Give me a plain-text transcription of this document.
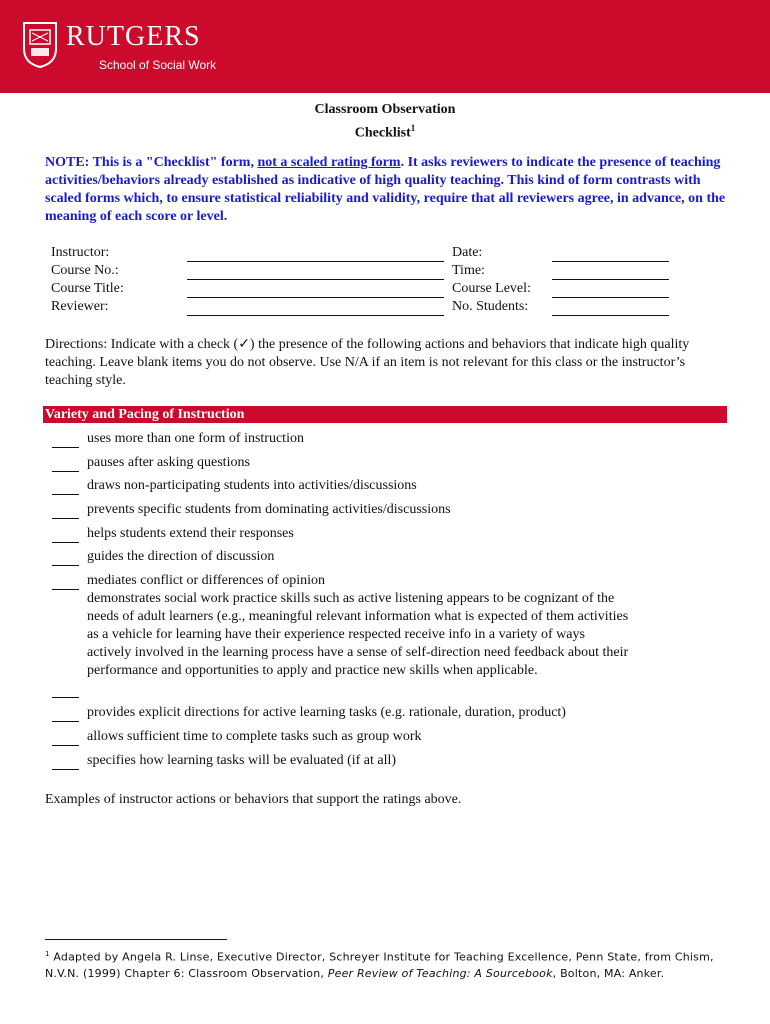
RUTGERS
School of Social Work
Classroom Observation
Checklist$^1$
NOTE: This is a "Checklist" form, not a scaled rating form. It asks reviewers to indicate the presence of teaching activities/behaviors already established as indicative of high quality teaching. This kind of form contrasts with scaled forms which, to ensure statistical reliability and validity, require that all reviewers agree, in advance, on the meaning of each score or level.
Instructor:
Course No.:
Course Title:
Reviewer:
Date:
Time:
Course Level:
No. Students:
Directions: Indicate with a check (✓) the presence of the following actions and behaviors that indicate high quality teaching. Leave blank items you do not observe. Use N/A if an item is not relevant for this class or the instructor’s teaching style.
Variety and Pacing of Instruction
uses more than one form of instruction
pauses after asking questions
draws non-participating students into activities/discussions
prevents specific students from dominating activities/discussions
helps students extend their responses
guides the direction of discussion
mediates conflict or differences of opinion
demonstrates social work practice skills such as active listening appears to be cognizant of the needs of adult learners (e.g., meaningful relevant information what is expected of them activities as a vehicle for learning have their experience respected receive info in a variety of ways actively involved in the learning process have a sense of self-direction need feedback about their performance and opportunities to apply and practice new skills when applicable.
provides explicit directions for active learning tasks (e.g. rationale, duration, product)
allows sufficient time to complete tasks such as group work
specifies how learning tasks will be evaluated (if at all)
Examples of instructor actions or behaviors that support the ratings above.
$^1$ Adapted by Angela R. Linse, Executive Director, Schreyer Institute for Teaching Excellence, Penn State, from Chism, N.V.N. (1999) Chapter 6: Classroom Observation, Peer Review of Teaching: A Sourcebook, Bolton, MA: Anker.
